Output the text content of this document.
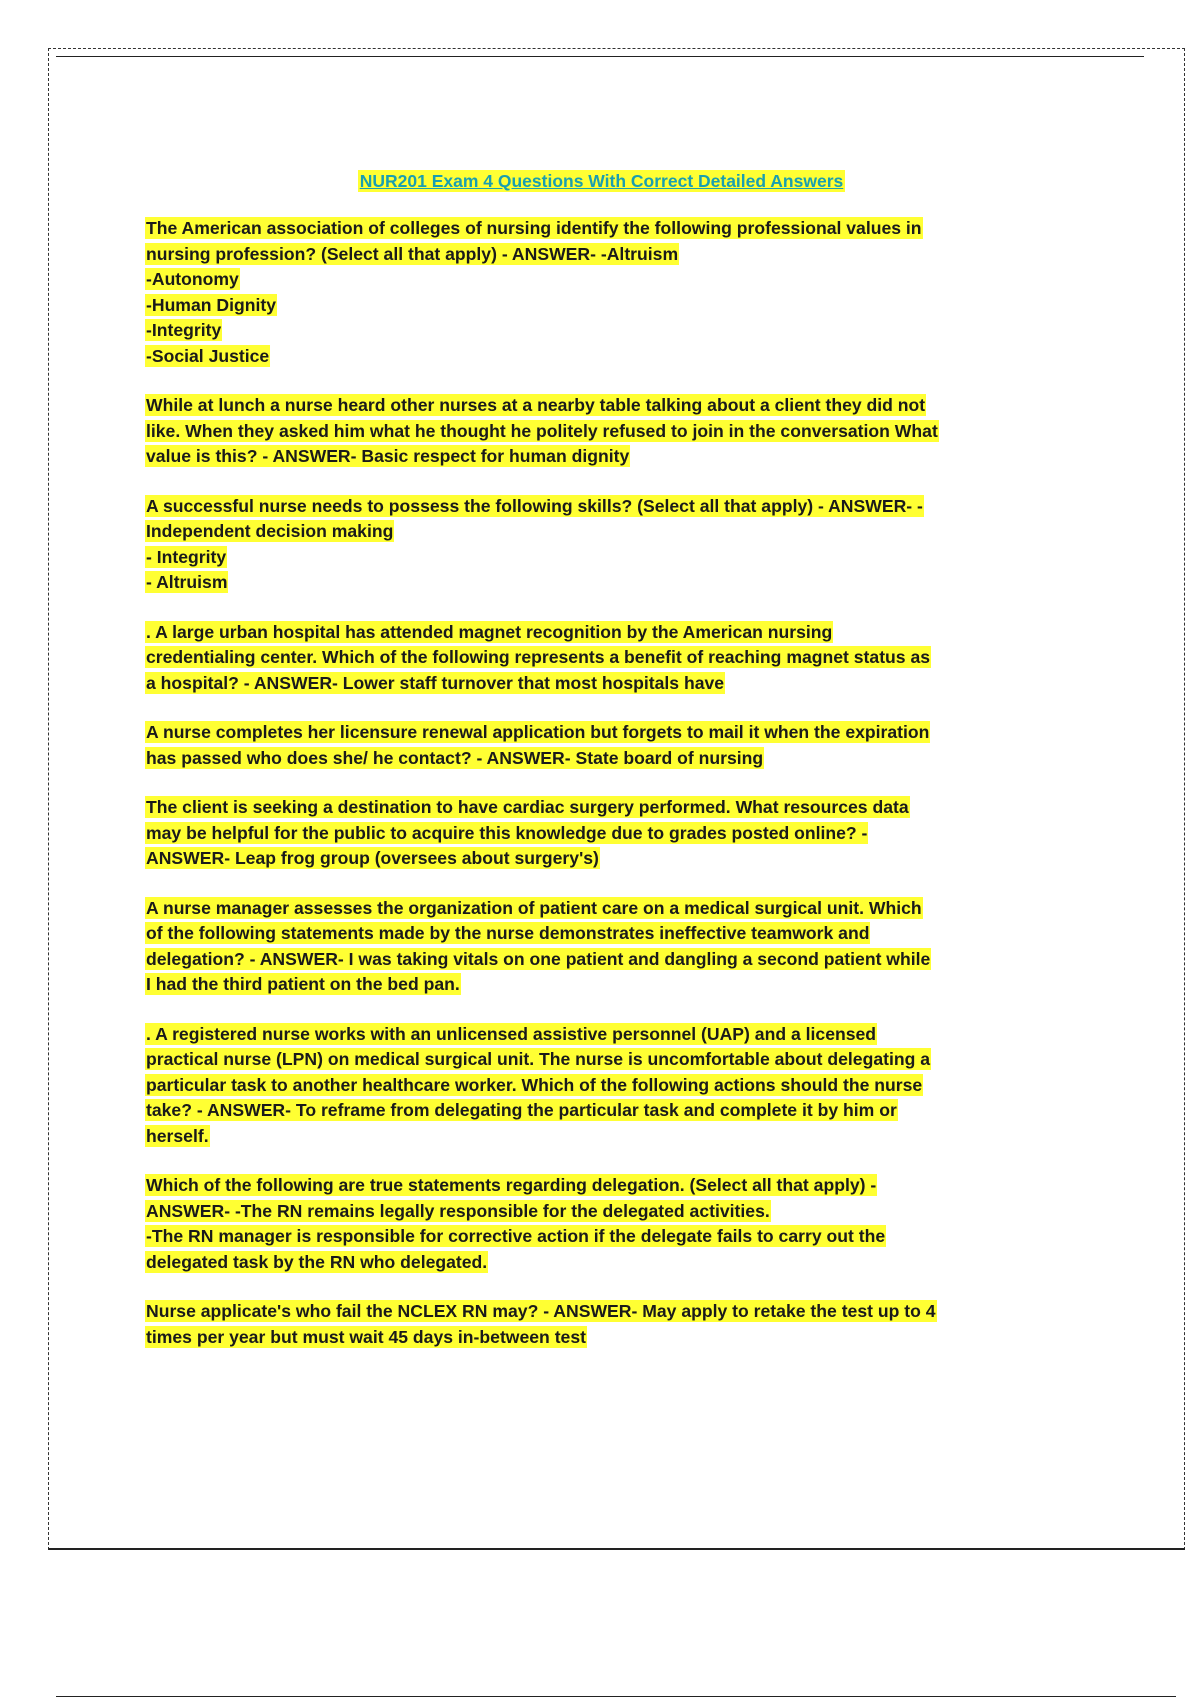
NUR201 Exam 4 Questions With Correct Detailed Answers
The American association of colleges of nursing identify the following professional values in
nursing profession? (Select all that apply) - ANSWER- -Altruism
-Autonomy
-Human Dignity
-Integrity
-Social Justice
While at lunch a nurse heard other nurses at a nearby table talking about a client they did not
like. When they asked him what he thought he politely refused to join in the conversation What
value is this? - ANSWER- Basic respect for human dignity
A successful nurse needs to possess the following skills? (Select all that apply) - ANSWER- -
Independent decision making
- Integrity
- Altruism
. A large urban hospital has attended magnet recognition by the American nursing
credentialing center. Which of the following represents a benefit of reaching magnet status as
a hospital? - ANSWER- Lower staff turnover that most hospitals have
A nurse completes her licensure renewal application but forgets to mail it when the expiration
has passed who does she/ he contact? - ANSWER- State board of nursing
The client is seeking a destination to have cardiac surgery performed. What resources data
may be helpful for the public to acquire this knowledge due to grades posted online? -
ANSWER- Leap frog group (oversees about surgery's)
A nurse manager assesses the organization of patient care on a medical surgical unit. Which
of the following statements made by the nurse demonstrates ineffective teamwork and
delegation? - ANSWER- I was taking vitals on one patient and dangling a second patient while
I had the third patient on the bed pan.
. A registered nurse works with an unlicensed assistive personnel (UAP) and a licensed
practical nurse (LPN) on medical surgical unit. The nurse is uncomfortable about delegating a
particular task to another healthcare worker. Which of the following actions should the nurse
take? - ANSWER- To reframe from delegating the particular task and complete it by him or
herself.
Which of the following are true statements regarding delegation. (Select all that apply) -
ANSWER- -The RN remains legally responsible for the delegated activities.
-The RN manager is responsible for corrective action if the delegate fails to carry out the
delegated task by the RN who delegated.
Nurse applicate's who fail the NCLEX RN may? - ANSWER- May apply to retake the test up to 4
times per year but must wait 45 days in-between test
